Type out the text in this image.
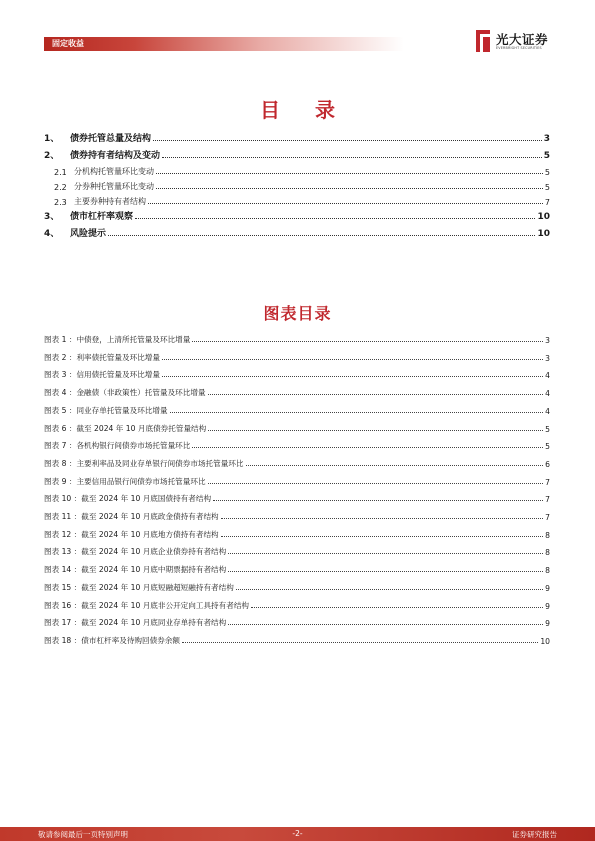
固定收益	光大证券
EVERBRIGHT SECURITIES
目 录
1、	债券托管总量及结构	3
2、	债券持有者结构及变动	5
2.1 分机构托管量环比变动	5
2.2 分券种托管量环比变动	5
2.3 主要券种持有者结构	7
3、	债市杠杆率观察	10
4、	风险提示	10
图表目录
图表 1 ： 中债登，上清所托管量及环比增量	3
图表 2 ： 利率债托管量及环比增量	3
图表 3 ： 信用债托管量及环比增量	4
图表 4 ： 金融债（非政策性）托管量及环比增量	4
图表 5 ： 同业存单托管量及环比增量	4
图表 6 ： 截至 2024 年 10 月底债券托管量结构	5
图表 7 ： 各机构银行间债券市场托管量环比	5
图表 8 ： 主要利率品及同业存单银行间债券市场托管量环比	6
图表 9 ： 主要信用品银行间债券市场托管量环比	7
图表 10 ： 截至 2024 年 10 月底国债持有者结构	7
图表 11 ： 截至 2024 年 10 月底政金债持有者结构	7
图表 12 ： 截至 2024 年 10 月底地方债持有者结构	8
图表 13 ： 截至 2024 年 10 月底企业债券持有者结构	8
图表 14 ： 截至 2024 年 10 月底中期票据持有者结构	8
图表 15 ： 截至 2024 年 10 月底短融超短融持有者结构	9
图表 16 ： 截至 2024 年 10 月底非公开定向工具持有者结构	9
图表 17 ： 截至 2024 年 10 月底同业存单持有者结构	9
图表 18 ： 债市杠杆率及待购回债券余额	10
敬请参阅最后一页特别声明	-2-	证券研究报告
